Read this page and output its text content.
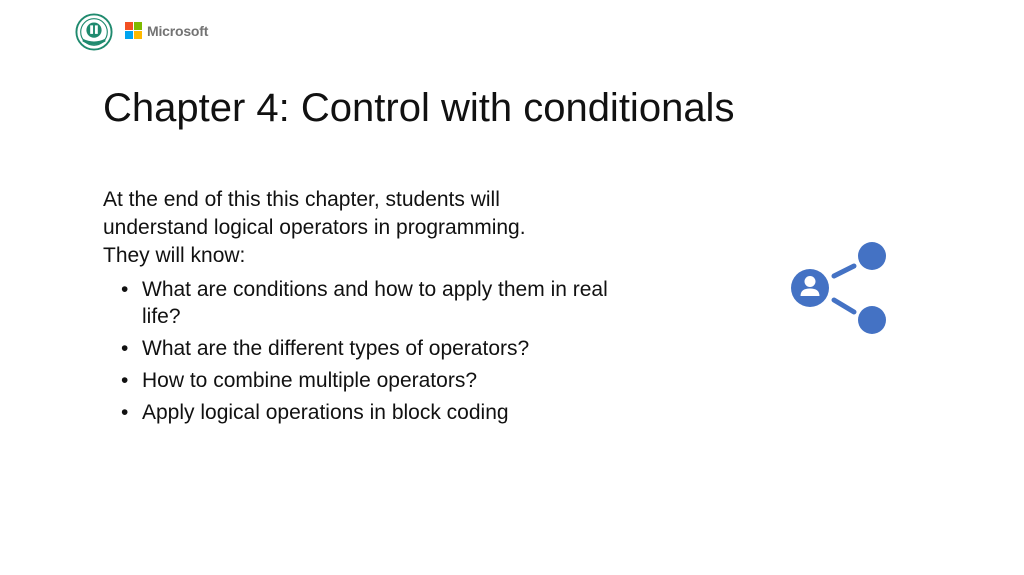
Microsoft
Chapter 4: Control with conditionals
At the end of this this chapter, students will
understand logical operators in programming.
They will know:
• What are conditions and how to apply them in real life?
• What are the different types of operators?
• How to combine multiple operators?
• Apply logical operations in block coding
